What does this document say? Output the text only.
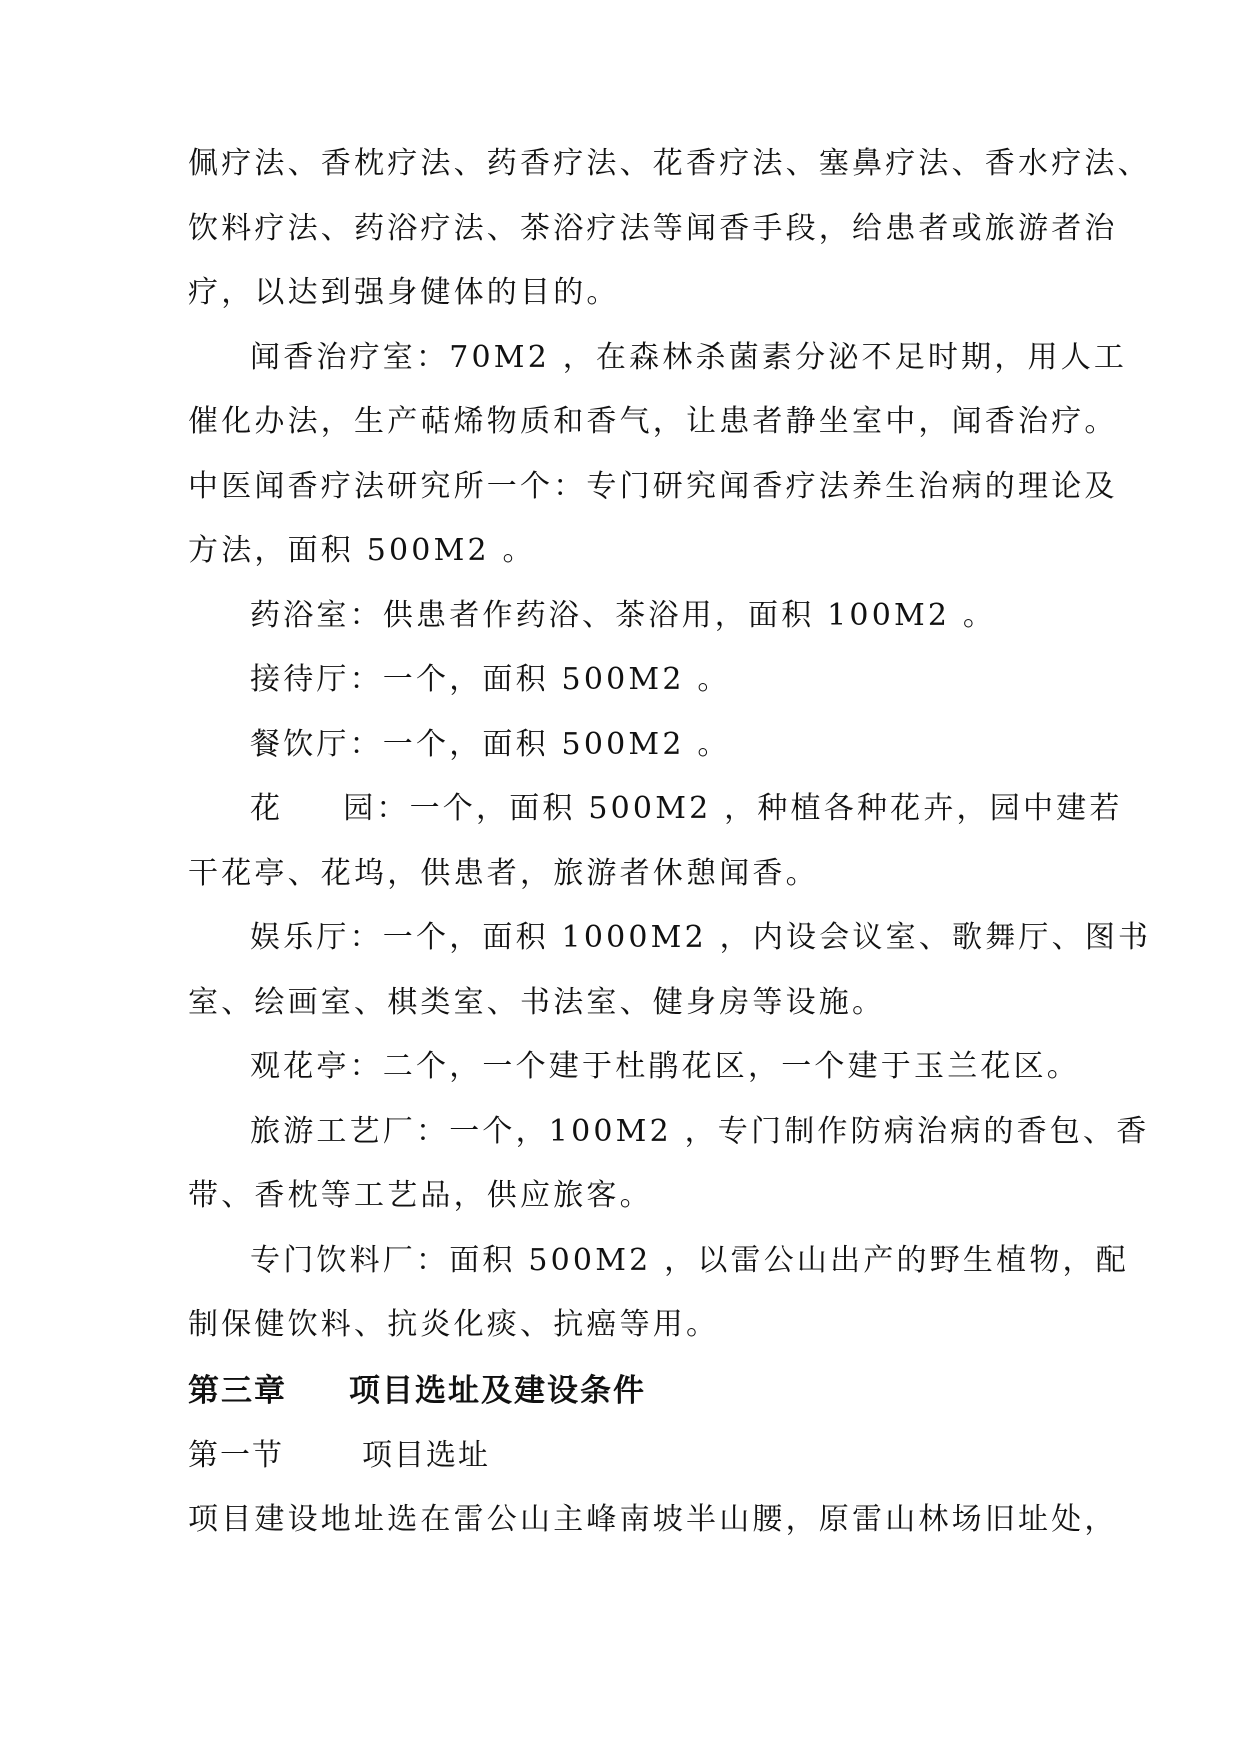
佩疗法、香枕疗法、药香疗法、花香疗法、塞鼻疗法、香水疗法、
饮料疗法、药浴疗法、茶浴疗法等闻香手段，给患者或旅游者治
疗，以达到强身健体的目的。
闻香治疗室：70M2 ，在森林杀菌素分泌不足时期，用人工
催化办法，生产萜烯物质和香气，让患者静坐室中，闻香治疗。
中医闻香疗法研究所一个：专门研究闻香疗法养生治病的理论及
方法，面积 500M2 。
药浴室：供患者作药浴、茶浴用，面积 100M2 。
接待厅：一个，面积 500M2 。
餐饮厅：一个，面积 500M2 。
花 园：一个，面积 500M2 ，种植各种花卉，园中建若
干花亭、花坞，供患者，旅游者休憩闻香。
娱乐厅：一个，面积 1000M2 ，内设会议室、歌舞厅、图书
室、绘画室、棋类室、书法室、健身房等设施。
观花亭：二个，一个建于杜鹃花区，一个建于玉兰花区。
旅游工艺厂：一个，100M2 ，专门制作防病治病的香包、香
带、香枕等工艺品，供应旅客。
专门饮料厂：面积 500M2 ，以雷公山出产的野生植物，配
制保健饮料、抗炎化痰、抗癌等用。
第三章 项目选址及建设条件
第一节	项目选址
项目建设地址选在雷公山主峰南坡半山腰，原雷山林场旧址处，
